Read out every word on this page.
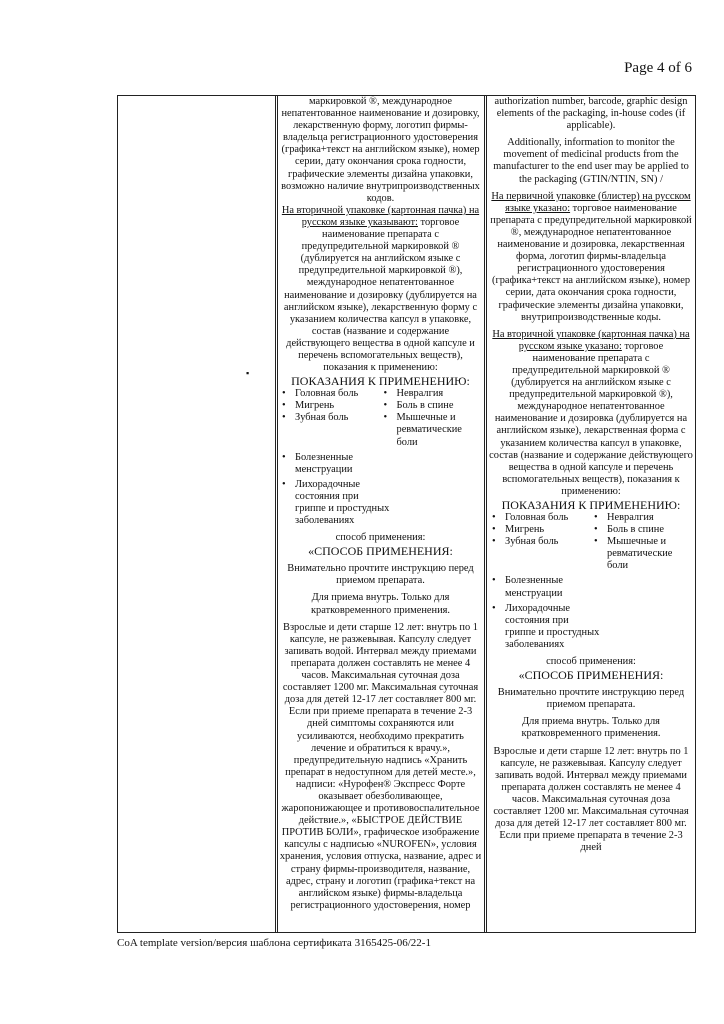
Page 4 of 6
▪

маркировкой ®, международное непатентованное наименование и дозировку, лекарственную форму, логотип фирмы-владельца регистрационного удостоверения (графика+текст на английском языке), номер серии, дату окончания срока годности, графические элементы дизайна упаковки, возможно наличие внутрипроизводственных кодов.

На вторичной упаковке (картонная пачка) на русском языке указывают: торговое наименование препарата с предупредительной маркировкой ® (дублируется на английском языке с предупредительной маркировкой ®), международное непатентованное наименование и дозировку (дублируется на английском языке), лекарственную форму с указанием количества капсул в упаковке, состав (название и содержание действующего вещества в одной капсуле и перечень вспомогательных веществ), показания к применению:

ПОКАЗАНИЯ К ПРИМЕНЕНИЮ:

• Головная боль
• Мигрень
• Зубная боль
• Невралгия
• Боль в спине
• Мышечные и ревматические боли
• Болезненные менструации
• Лихорадочные состояния при гриппе и простудных заболеваниях

способ применения:

«СПОСОБ ПРИМЕНЕНИЯ:

Внимательно прочтите инструкцию перед приемом препарата.

Для приема внутрь. Только для кратковременного применения.

Взрослые и дети старше 12 лет: внутрь по 1 капсуле, не разжевывая. Капсулу следует запивать водой. Интервал между приемами препарата должен составлять не менее 4 часов. Максимальная суточная доза составляет 1200 мг. Максимальная суточная доза для детей 12-17 лет составляет 800 мг. Если при приеме препарата в течение 2-3 дней симптомы сохраняются или усиливаются, необходимо прекратить лечение и обратиться к врачу.», предупредительную надпись «Хранить препарат в недоступном для детей месте.», надписи: «Нурофен® Экспресс Форте оказывает обезболивающее, жаропонижающее и противовоспалительное действие.», «БЫСТРОЕ ДЕЙСТВИЕ ПРОТИВ БОЛИ», графическое изображение капсулы с надписью «NUROFEN», условия хранения, условия отпуска, название, адрес и страну фирмы-производителя, название, адрес, страну и логотип (графика+текст на английском языке) фирмы-владельца регистрационного удостоверения, номер

authorization number, barcode, graphic design elements of the packaging, in-house codes (if applicable).

Additionally, information to monitor the movement of medicinal products from the manufacturer to the end user may be applied to the packaging (GTIN/NTIN, SN) /

На первичной упаковке (блистер) на русском языке указано: торговое наименование препарата с предупредительной маркировкой ®, международное непатентованное наименование и дозировка, лекарственная форма, логотип фирмы-владельца регистрационного удостоверения (графика+текст на английском языке), номер серии, дата окончания срока годности, графические элементы дизайна упаковки, внутрипроизводственные коды.

На вторичной упаковке (картонная пачка) на русском языке указано: торговое наименование препарата с предупредительной маркировкой ® (дублируется на английском языке с предупредительной маркировкой ®), международное непатентованное наименование и дозировка (дублируется на английском языке), лекарственная форма с указанием количества капсул в упаковке, состав (название и содержание действующего вещества в одной капсуле и перечень вспомогательных веществ), показания к применению:

ПОКАЗАНИЯ К ПРИМЕНЕНИЮ:

• Головная боль
• Мигрень
• Зубная боль
• Невралгия
• Боль в спине
• Мышечные и ревматические боли
• Болезненные менструации
• Лихорадочные состояния при гриппе и простудных заболеваниях

способ применения:

«СПОСОБ ПРИМЕНЕНИЯ:

Внимательно прочтите инструкцию перед приемом препарата.

Для приема внутрь. Только для кратковременного применения.

Взрослые и дети старше 12 лет: внутрь по 1 капсуле, не разжевывая. Капсулу следует запивать водой. Интервал между приемами препарата должен составлять не менее 4 часов. Максимальная суточная доза составляет 1200 мг. Максимальная суточная доза для детей 12-17 лет составляет 800 мг. Если при приеме препарата в течение 2-3 дней

CoA template version/версия шаблона сертификата 3165425-06/22-1
